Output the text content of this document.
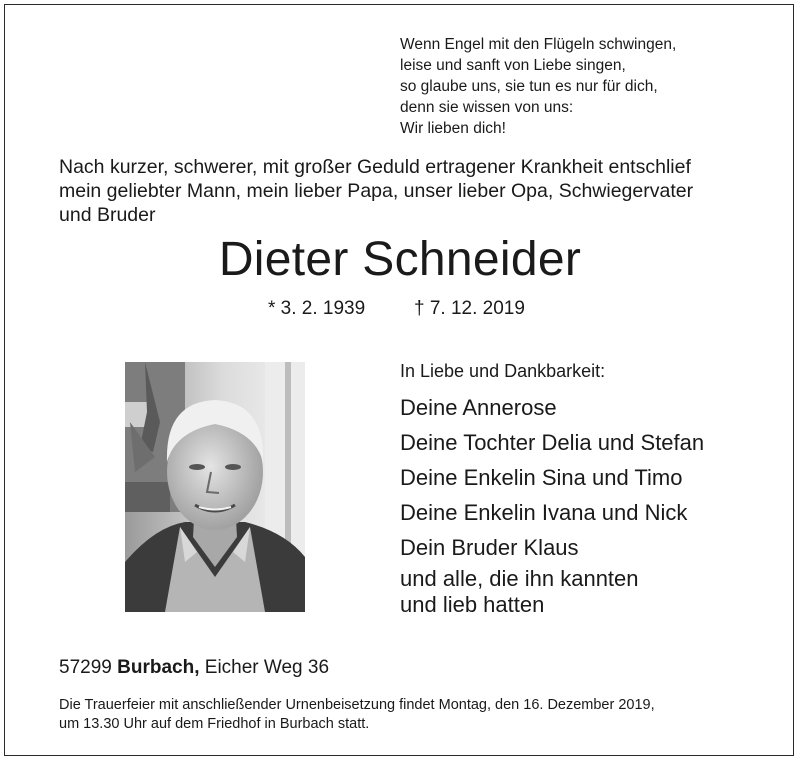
Wenn Engel mit den Flügeln schwingen,
leise und sanft von Liebe singen,
so glaube uns, sie tun es nur für dich,
denn sie wissen von uns:
Wir lieben dich!
Nach kurzer, schwerer, mit großer Geduld ertragener Krankheit entschlief
mein geliebter Mann, mein lieber Papa, unser lieber Opa, Schwiegervater
und Bruder
Dieter Schneider
* 3. 2. 1939	† 7. 12. 2019
In Liebe und Dankbarkeit:
Deine Annerose
Deine Tochter Delia und Stefan
Deine Enkelin Sina und Timo
Deine Enkelin Ivana und Nick
Dein Bruder Klaus
und alle, die ihn kannten
und lieb hatten
57299 Burbach, Eicher Weg 36
Die Trauerfeier mit anschließender Urnenbeisetzung findet Montag, den 16. Dezember 2019,
um 13.30 Uhr auf dem Friedhof in Burbach statt.
